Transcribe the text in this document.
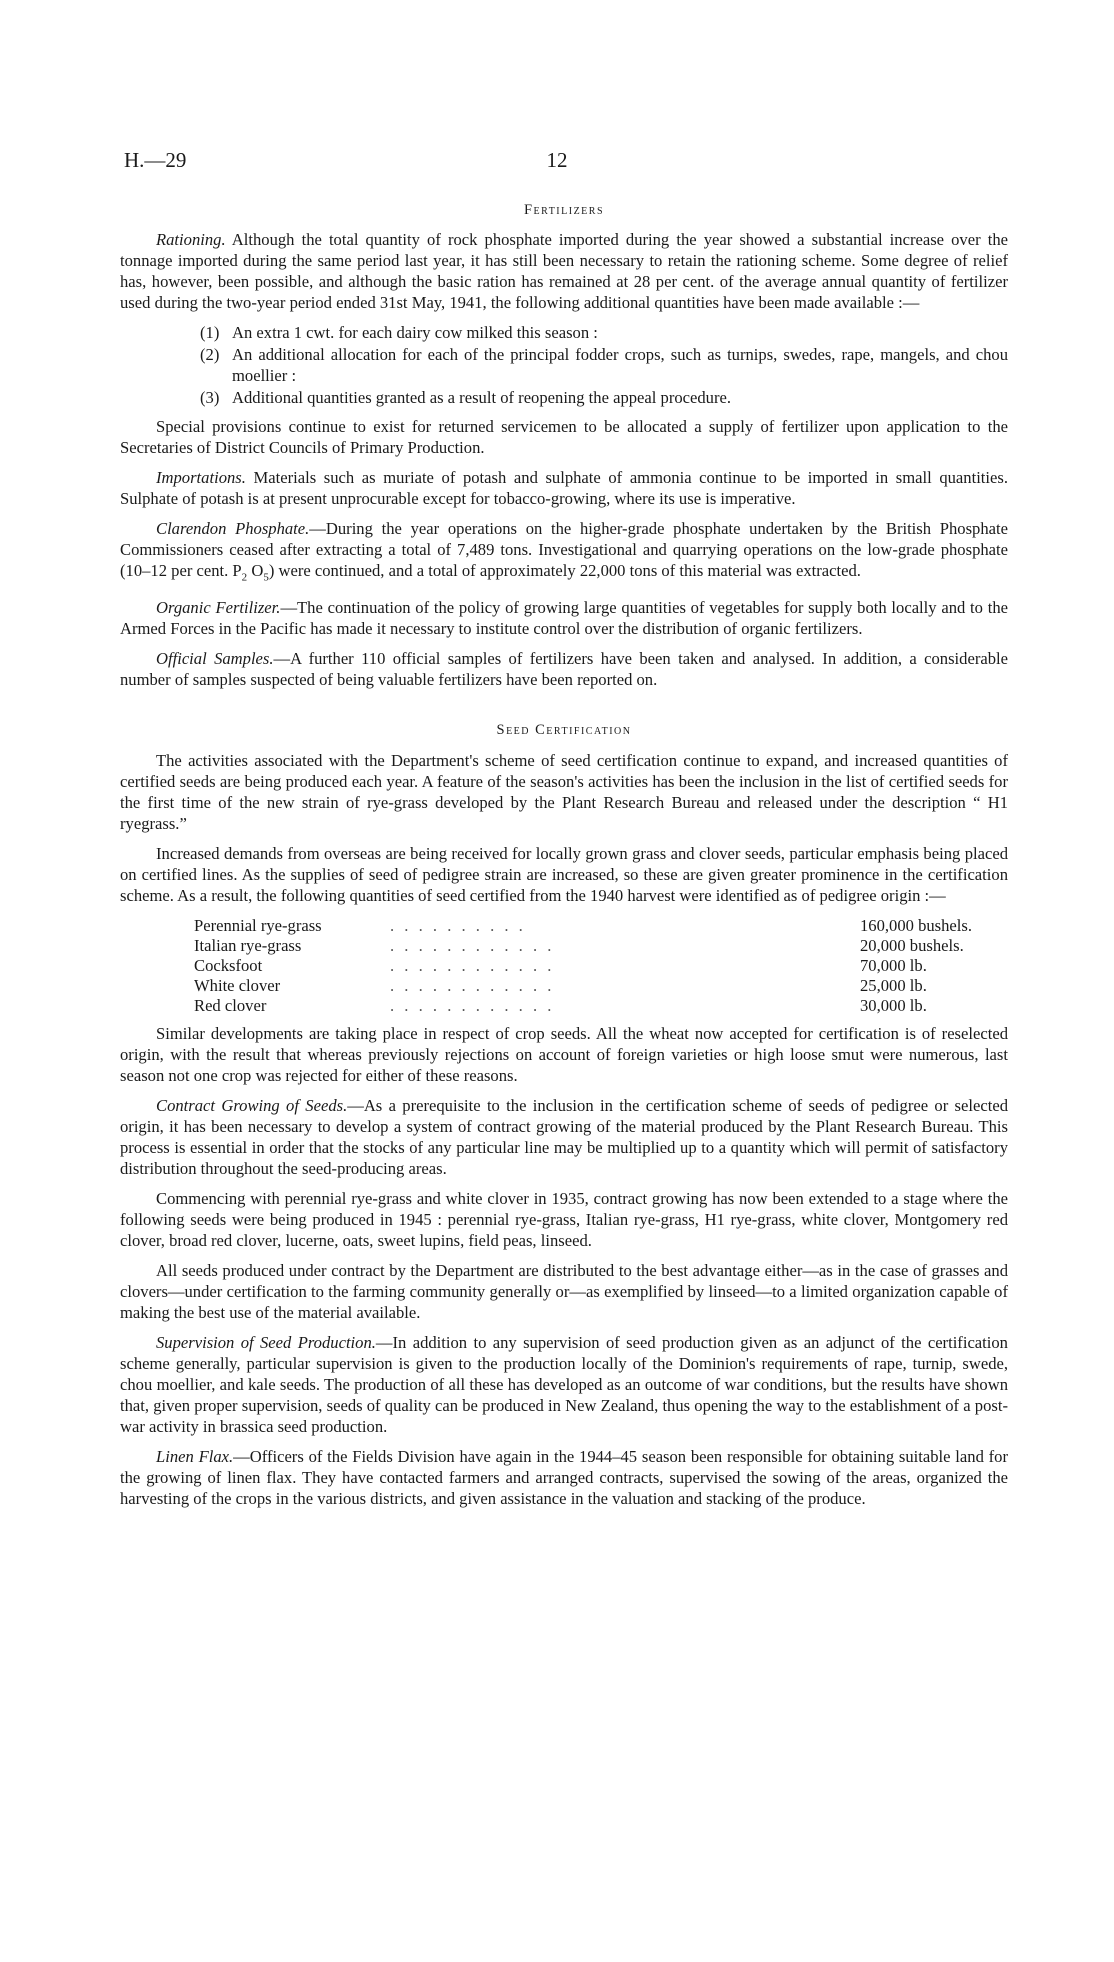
H.—29	12
Fertilizers

Rationing. Although the total quantity of rock phosphate imported during the year showed a substantial increase over the tonnage imported during the same period last year, it has still been necessary to retain the rationing scheme. Some degree of relief has, however, been possible, and although the basic ration has remained at 28 per cent. of the average annual quantity of fertilizer used during the two-year period ended 31st May, 1941, the following additional quantities have been made available :—

(1) An extra 1 cwt. for each dairy cow milked this season :
(2) An additional allocation for each of the principal fodder crops, such as turnips, swedes, rape, mangels, and chou moellier :
(3) Additional quantities granted as a result of reopening the appeal procedure.

Special provisions continue to exist for returned servicemen to be allocated a supply of fertilizer upon application to the Secretaries of District Councils of Primary Production.

Importations. Materials such as muriate of potash and sulphate of ammonia continue to be imported in small quantities. Sulphate of potash is at present unprocurable except for tobacco-growing, where its use is imperative.

Clarendon Phosphate.—During the year operations on the higher-grade phosphate undertaken by the British Phosphate Commissioners ceased after extracting a total of 7,489 tons. Investigational and quarrying operations on the low-grade phosphate (10–12 per cent. $P_2$ $O_5$) were continued, and a total of approximately 22,000 tons of this material was extracted.

Organic Fertilizer.—The continuation of the policy of growing large quantities of vegetables for supply both locally and to the Armed Forces in the Pacific has made it necessary to institute control over the distribution of organic fertilizers.

Official Samples.—A further 110 official samples of fertilizers have been taken and analysed. In addition, a considerable number of samples suspected of being valuable fertilizers have been reported on.

Seed Certification

The activities associated with the Department's scheme of seed certification continue to expand, and increased quantities of certified seeds are being produced each year. A feature of the season's activities has been the inclusion in the list of certified seeds for the first time of the new strain of rye-grass developed by the Plant Research Bureau and released under the description “ H1 ryegrass.”

Increased demands from overseas are being received for locally grown grass and clover seeds, particular emphasis being placed on certified lines. As the supplies of seed of pedigree strain are increased, so these are given greater prominence in the certification scheme. As a result, the following quantities of seed certified from the 1940 harvest were identified as of pedigree origin :—

Perennial rye-grass	. . . . . . . . . .	160,000 bushels.
Italian rye-grass	. . . . . . . . . . . .	20,000 bushels.
Cocksfoot	. . . . . . . . . . . .	70,000 lb.
White clover	. . . . . . . . . . . .	25,000 lb.
Red clover	. . . . . . . . . . . .	30,000 lb.

Similar developments are taking place in respect of crop seeds. All the wheat now accepted for certification is of reselected origin, with the result that whereas previously rejections on account of foreign varieties or high loose smut were numerous, last season not one crop was rejected for either of these reasons.

Contract Growing of Seeds.—As a prerequisite to the inclusion in the certification scheme of seeds of pedigree or selected origin, it has been necessary to develop a system of contract growing of the material produced by the Plant Research Bureau. This process is essential in order that the stocks of any particular line may be multiplied up to a quantity which will permit of satisfactory distribution throughout the seed-producing areas.

Commencing with perennial rye-grass and white clover in 1935, contract growing has now been extended to a stage where the following seeds were being produced in 1945 : perennial rye-grass, Italian rye-grass, H1 rye-grass, white clover, Montgomery red clover, broad red clover, lucerne, oats, sweet lupins, field peas, linseed.

All seeds produced under contract by the Department are distributed to the best advantage either—as in the case of grasses and clovers—under certification to the farming community generally or—as exemplified by linseed—to a limited organization capable of making the best use of the material available.

Supervision of Seed Production.—In addition to any supervision of seed production given as an adjunct of the certification scheme generally, particular supervision is given to the production locally of the Dominion's requirements of rape, turnip, swede, chou moellier, and kale seeds. The production of all these has developed as an outcome of war conditions, but the results have shown that, given proper supervision, seeds of quality can be produced in New Zealand, thus opening the way to the establishment of a post-war activity in brassica seed production.

Linen Flax.—Officers of the Fields Division have again in the 1944–45 season been responsible for obtaining suitable land for the growing of linen flax. They have contacted farmers and arranged contracts, supervised the sowing of the areas, organized the harvesting of the crops in the various districts, and given assistance in the valuation and stacking of the produce.
